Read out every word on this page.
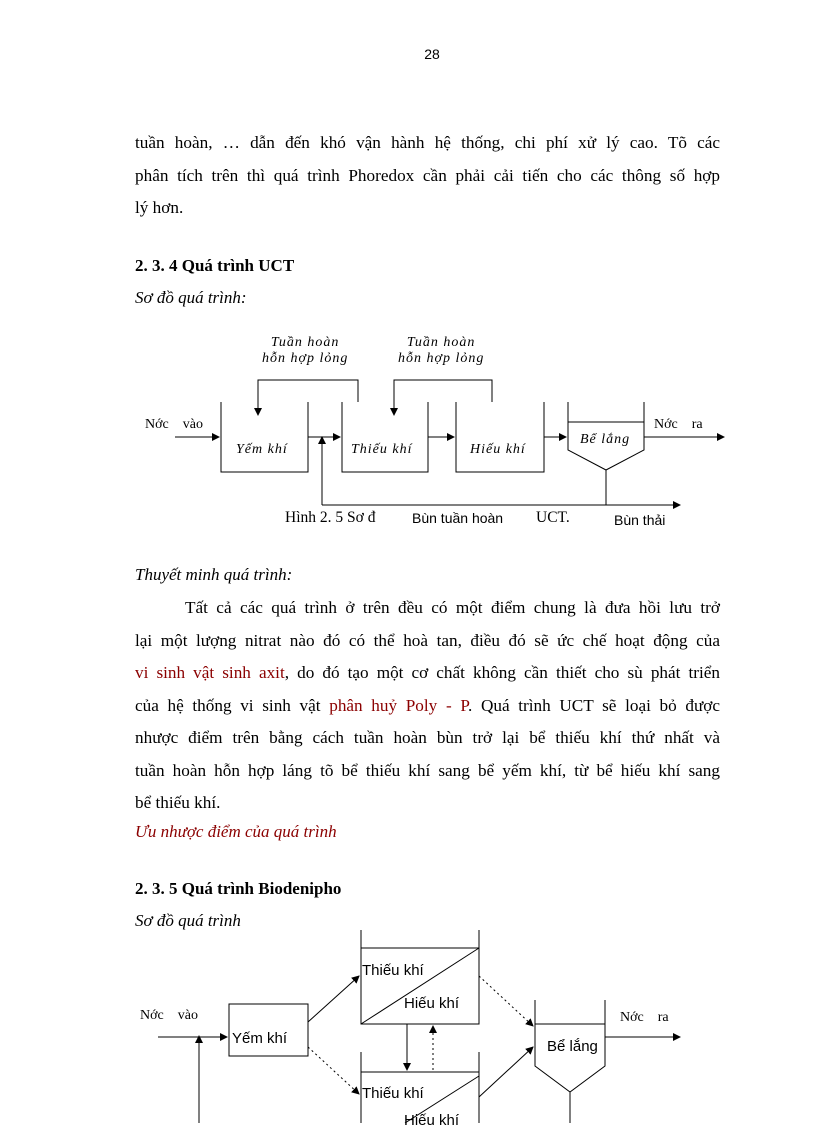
28
tuần hoàn, … dẫn đến khó vận hành hệ thống, chi phí xử lý cao. Tõ các
phân tích trên thì quá trình Phoredox cần phải cải tiến cho các thông số hợp
lý hơn.
2. 3. 4 Quá trình UCT
Sơ đồ quá trình:
Tuần hoàn
hỗn hợp lỏng
Tuần hoàn
hỗn hợp lỏng
Nớc    vào	Nớc    ra
Yếm khí	Thiếu khí	Hiếu khí
Bể lắng
Hình 2. 5 Sơ đ	UCT.
Bùn tuần hoàn	Bùn thải
Thuyết minh quá trình:
Tất cả các quá trình ở trên đều có một điểm chung là đưa hồi lưu trở
lại một lượng nitrat nào đó có thể hoà tan, điều đó sẽ ức chế hoạt động của
vi sinh vật sinh axit, do đó tạo một cơ chất không cần thiết cho sù phát triển
của hệ thống vi sinh vật phân huỷ Poly - P. Quá trình UCT sẽ loại bỏ được
nhược điểm trên bằng cách tuần hoàn bùn trở lại bể thiếu khí thứ nhất và
tuần hoàn hỗn hợp láng tõ bể thiếu khí sang bể yếm khí, từ bể hiếu khí sang
bể thiếu khí.
Ưu nhược điểm của quá trình
2. 3. 5 Quá trình Biodenipho
Sơ đồ quá trình
Nớc    vào	Nớc    ra
Yếm khí
Thiếu khí
Hiếu khí
Thiếu khí
Hiếu khí
Bể lắng
